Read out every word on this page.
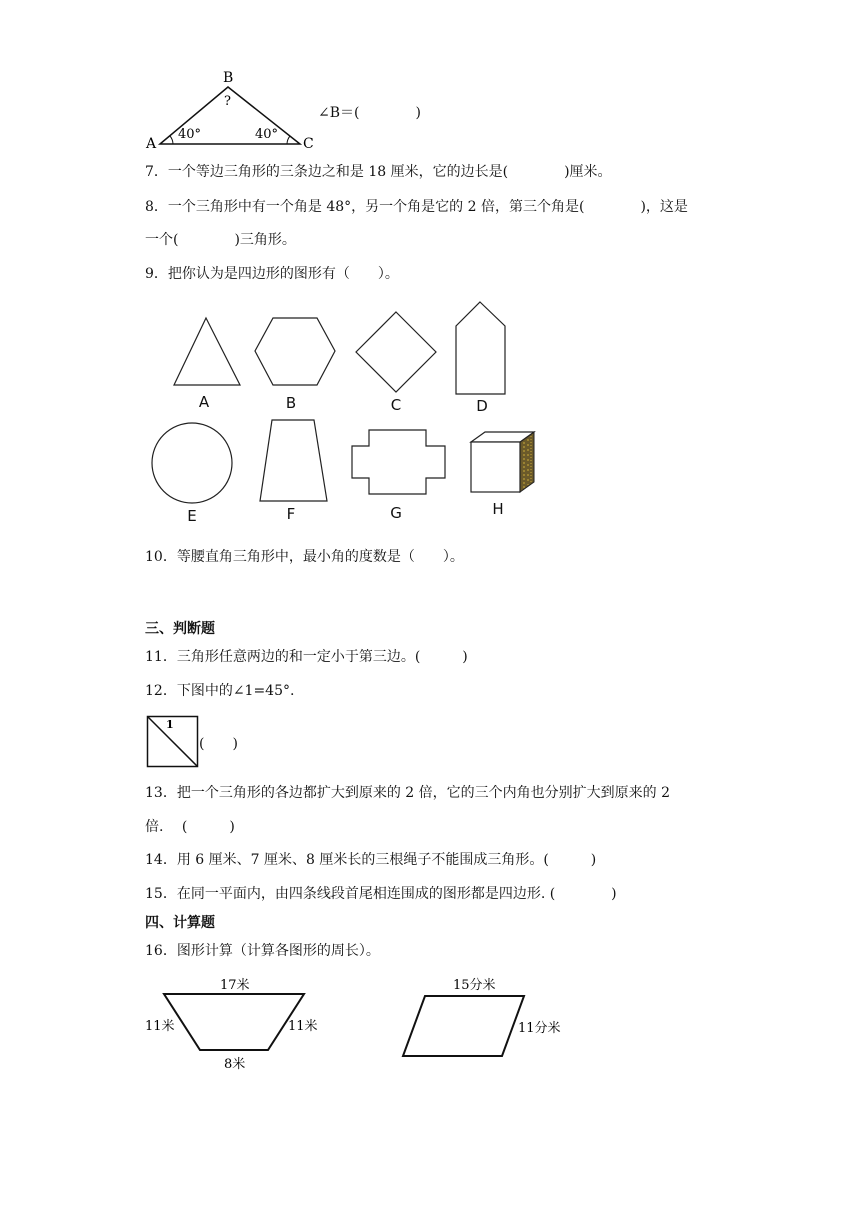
A
B
C
?
40°	40°
∠B＝(　　　　)
7．一个等边三角形的三条边之和是 18 厘米，它的边长是(　　　　)厘米。
8．一个三角形中有一个角是 48°，另一个角是它的 2 倍，第三个角是(　　　　)，这是
一个(　　　　)三角形。
9．把你认为是四边形的图形有（　　）。
A	B	C	D
E	F	G	H
10．等腰直角三角形中，最小角的度数是（　　）。
三、判断题
11．三角形任意两边的和一定小于第三边。(　　　)
12．下图中的∠1=45°.
1
(　　)
13．把一个三角形的各边都扩大到原来的 2 倍，它的三个内角也分别扩大到原来的 2
倍.　 (　　　)
14．用 6 厘米、7 厘米、8 厘米长的三根绳子不能围成三角形。(　　　)
15．在同一平面内，由四条线段首尾相连围成的图形都是四边形. (　　　　)
四、计算题
16．图形计算（计算各图形的周长）。
17米
11米	11米
8米
15分米
11分米
